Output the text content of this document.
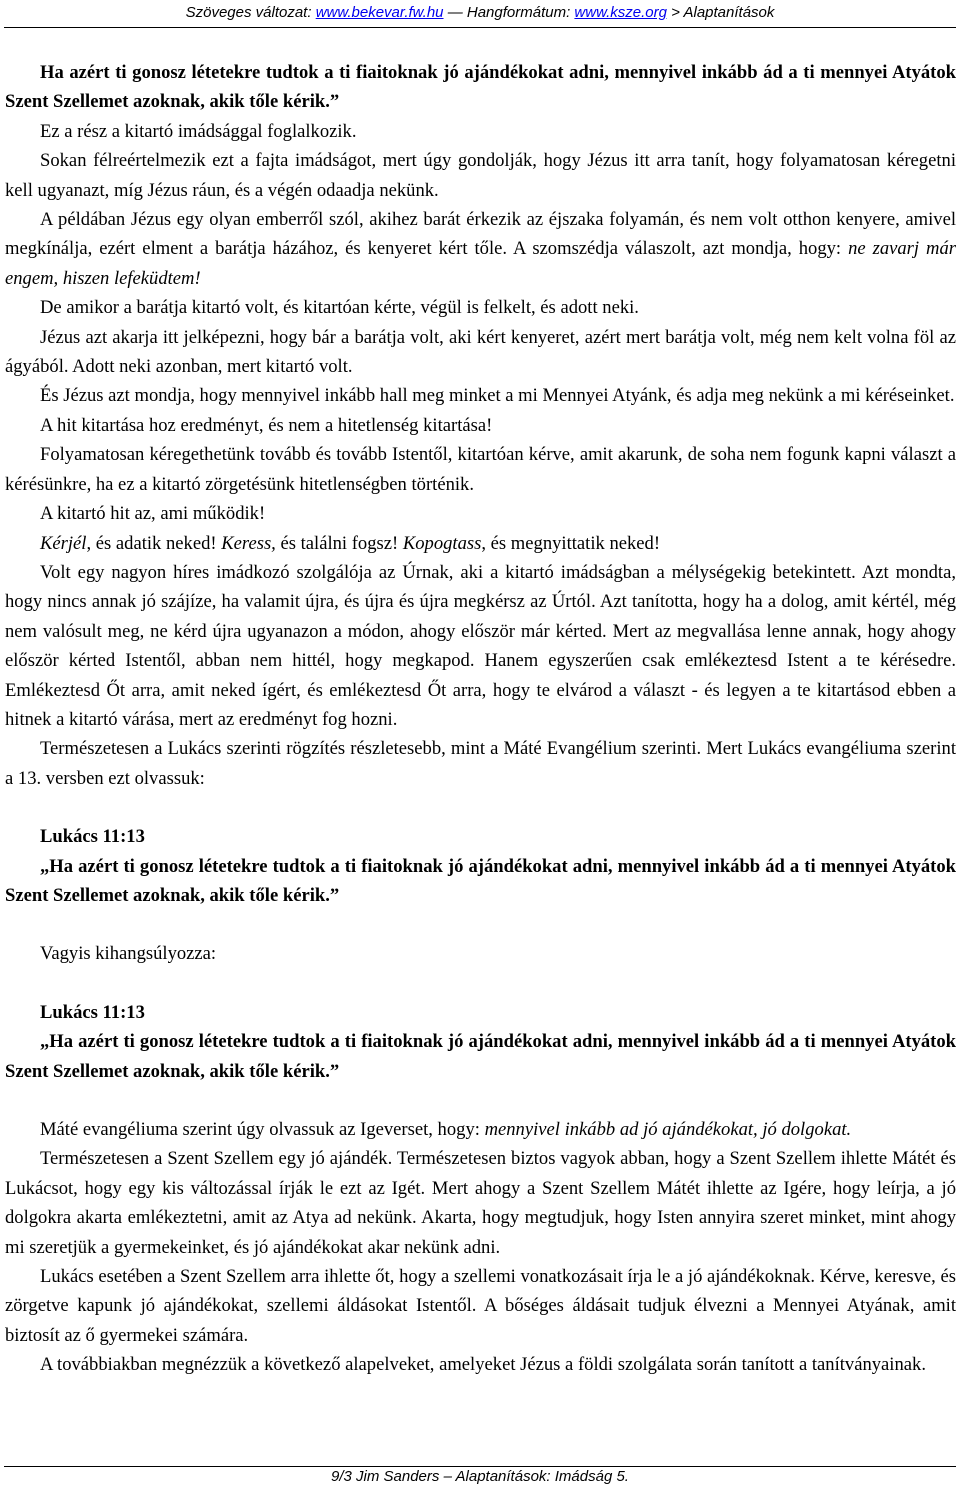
Szöveges változat: www.bekevar.fw.hu — Hangformátum: www.ksze.org > Alaptanítások

Ha azért ti gonosz létetekre tudtok a ti fiaitoknak jó ajándékokat adni, mennyivel inkább ád a ti mennyei Atyátok Szent Szellemet azoknak, akik tőle kérik.”

Ez a rész a kitartó imádsággal foglalkozik.

Sokan félreértelmezik ezt a fajta imádságot, mert úgy gondolják, hogy Jézus itt arra tanít, hogy folyamatosan kéregetni kell ugyanazt, míg Jézus ráun, és a végén odaadja nekünk.

A példában Jézus egy olyan emberről szól, akihez barát érkezik az éjszaka folyamán, és nem volt otthon kenyere, amivel megkínálja, ezért elment a barátja házához, és kenyeret kért tőle. A szomszédja válaszolt, azt mondja, hogy: ne zavarj már engem, hiszen lefeküdtem!

De amikor a barátja kitartó volt, és kitartóan kérte, végül is felkelt, és adott neki.

Jézus azt akarja itt jelképezni, hogy bár a barátja volt, aki kért kenyeret, azért mert barátja volt, még nem kelt volna föl az ágyából. Adott neki azonban, mert kitartó volt.

És Jézus azt mondja, hogy mennyivel inkább hall meg minket a mi Mennyei Atyánk, és adja meg nekünk a mi kéréseinket.

A hit kitartása hoz eredményt, és nem a hitetlenség kitartása!

Folyamatosan kéregethetünk tovább és tovább Istentől, kitartóan kérve, amit akarunk, de soha nem fogunk kapni választ a kérésünkre, ha ez a kitartó zörgetésünk hitetlenségben történik.

A kitartó hit az, ami működik!

Kérjél, és adatik neked! Keress, és találni fogsz! Kopogtass, és megnyittatik neked!

Volt egy nagyon híres imádkozó szolgálója az Úrnak, aki a kitartó imádságban a mélységekig betekintett. Azt mondta, hogy nincs annak jó szájíze, ha valamit újra, és újra és újra megkérsz az Úrtól. Azt tanította, hogy ha a dolog, amit kértél, még nem valósult meg, ne kérd újra ugyanazon a módon, ahogy először már kérted. Mert az megvallása lenne annak, hogy ahogy először kérted Istentől, abban nem hittél, hogy megkapod. Hanem egyszerűen csak emlékeztesd Istent a te kérésedre. Emlékeztesd Őt arra, amit neked ígért, és emlékeztesd Őt arra, hogy te elvárod a választ - és legyen a te kitartásod ebben a hitnek a kitartó várása, mert az eredményt fog hozni.

Természetesen a Lukács szerinti rögzítés részletesebb, mint a Máté Evangélium szerinti. Mert Lukács evangéliuma szerint a 13. versben ezt olvassuk:

Lukács 11:13

„Ha azért ti gonosz létetekre tudtok a ti fiaitoknak jó ajándékokat adni, mennyivel inkább ád a ti mennyei Atyátok Szent Szellemet azoknak, akik tőle kérik.”

Vagyis kihangsúlyozza:

Lukács 11:13

„Ha azért ti gonosz létetekre tudtok a ti fiaitoknak jó ajándékokat adni, mennyivel inkább ád a ti mennyei Atyátok Szent Szellemet azoknak, akik tőle kérik.”

Máté evangéliuma szerint úgy olvassuk az Igeverset, hogy: mennyivel inkább ad jó ajándékokat, jó dolgokat.

Természetesen a Szent Szellem egy jó ajándék. Természetesen biztos vagyok abban, hogy a Szent Szellem ihlette Mátét és Lukácsot, hogy egy kis változással írják le ezt az Igét. Mert ahogy a Szent Szellem Mátét ihlette az Igére, hogy leírja, a jó dolgokra akarta emlékeztetni, amit az Atya ad nekünk. Akarta, hogy megtudjuk, hogy Isten annyira szeret minket, mint ahogy mi szeretjük a gyermekeinket, és jó ajándékokat akar nekünk adni.

Lukács esetében a Szent Szellem arra ihlette őt, hogy a szellemi vonatkozásait írja le a jó ajándékoknak. Kérve, keresve, és zörgetve kapunk jó ajándékokat, szellemi áldásokat Istentől. A bőséges áldásait tudjuk élvezni a Mennyei Atyának, amit biztosít az ő gyermekei számára.

A továbbiakban megnézzük a következő alapelveket, amelyeket Jézus a földi szolgálata során tanított a tanítványainak.

9/3 Jim Sanders – Alaptanítások: Imádság 5.
